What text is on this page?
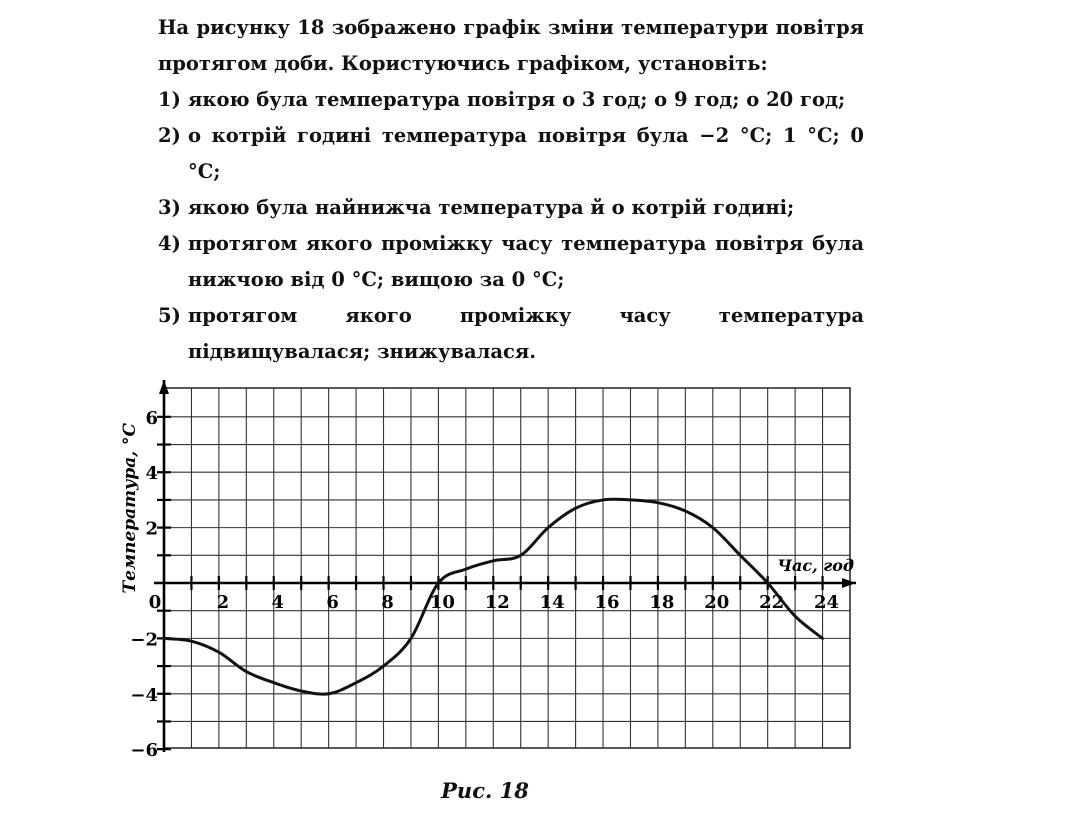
На рисунку 18 зображено графік зміни температури повітря протягом доби. Користуючись графіком, установіть:

1) якою була температура повітря о 3 год; о 9 год; о 20 год;
2) о котрій годині температура повітря була −2 °C; 1 °C; 0 °C;
3) якою була найнижча температура й о котрій годині;
4) протягом якого проміжку часу температура повітря була нижчою від 0 °C; вищою за 0 °C;
5) протягом якого проміжку часу температура підвищувалася; знижувалася.
0	2 4 6 8 10 12 14 16 18 20 22 24
6
4
2
−2
−4
−6
Час, год
Температура, °C
Рис. 18
